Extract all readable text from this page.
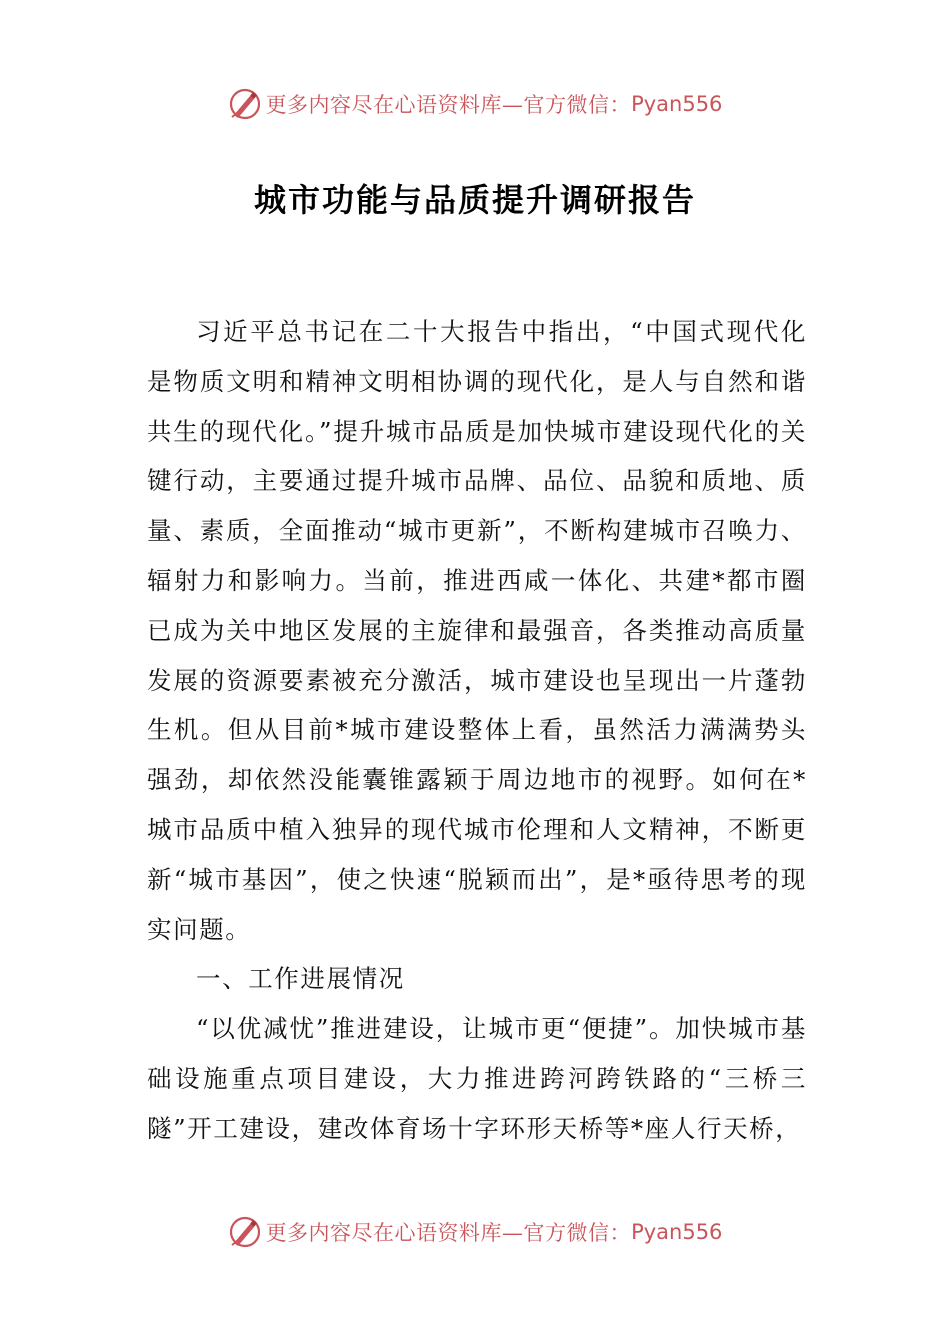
更多内容尽在心语资料库—官方微信： Pyan556
城市功能与品质提升调研报告

习近平总书记在二十大报告中指出，“中国式现代化是物质文明和精神文明相协调的现代化，是人与自然和谐共生的现代化。”提升城市品质是加快城市建设现代化的关键行动，主要通过提升城市品牌、品位、品貌和质地、质量、素质，全面推动“城市更新”，不断构建城市召唤力、辐射力和影响力。当前，推进西咸一体化、共建*都市圈已成为关中地区发展的主旋律和最强音，各类推动高质量发展的资源要素被充分激活，城市建设也呈现出一片蓬勃生机。但从目前*城市建设整体上看，虽然活力满满势头强劲，却依然没能囊锥露颖于周边地市的视野。如何在*城市品质中植入独异的现代城市伦理和人文精神，不断更新“城市基因”，使之快速“脱颖而出”，是*亟待思考的现实问题。

一、工作进展情况

“以优减忧”推进建设，让城市更“便捷”。加快城市基础设施重点项目建设，大力推进跨河跨铁路的“三桥三隧”开工建设，建改体育场十字环形天桥等*座人行天桥，

更多内容尽在心语资料库—官方微信： Pyan556
